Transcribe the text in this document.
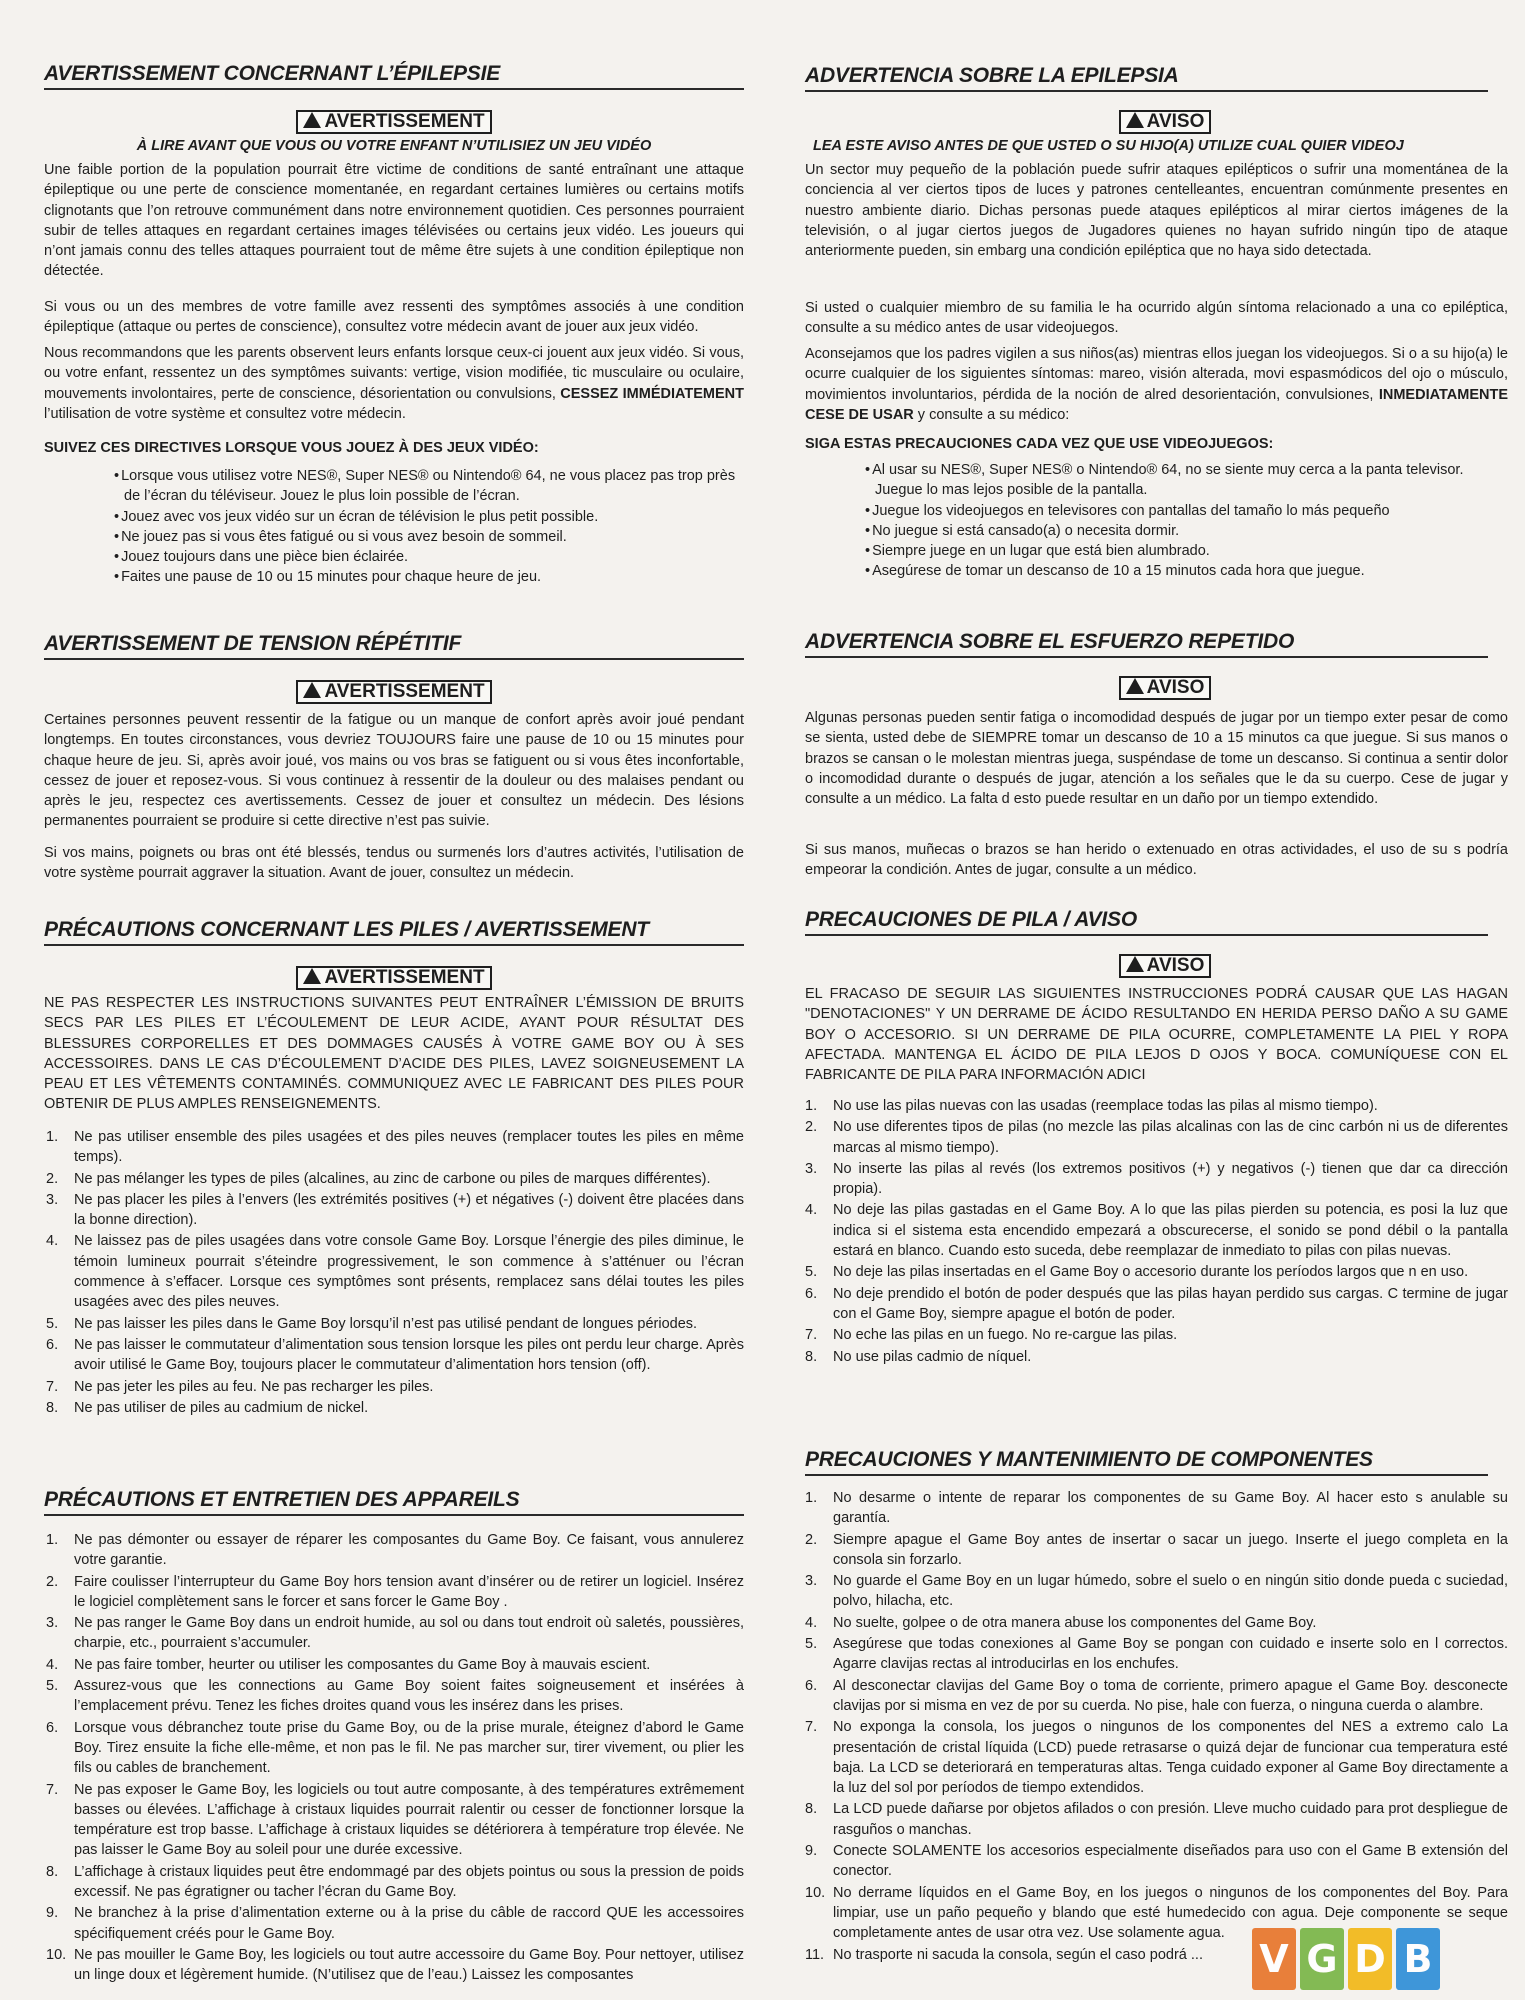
AVERTISSEMENT CONCERNANT L’ÉPILEPSIE
AVERTISSEMENT

À LIRE AVANT QUE VOUS OU VOTRE ENFANT N’UTILISIEZ UN JEU VIDÉO

Une faible portion de la population pourrait être victime de conditions de santé entraînant une attaque épileptique ou une perte de conscience momentanée, en regardant certaines lumières ou certains motifs clignotants que l’on retrouve communément dans notre environnement quotidien. Ces personnes pourraient subir de telles attaques en regardant certaines images télévisées ou certains jeux vidéo. Les joueurs qui n’ont jamais connu des telles attaques pourraient tout de même être sujets à une condition épileptique non détectée.

Si vous ou un des membres de votre famille avez ressenti des symptômes associés à une condition épileptique (attaque ou pertes de conscience), consultez votre médecin avant de jouer aux jeux vidéo.

Nous recommandons que les parents observent leurs enfants lorsque ceux-ci jouent aux jeux vidéo. Si vous, ou votre enfant, ressentez un des symptômes suivants: vertige, vision modifiée, tic musculaire ou oculaire, mouvements involontaires, perte de conscience, désorientation ou convulsions, CESSEZ IMMÉDIATEMENT l’utilisation de votre système et consultez votre médecin.

SUIVEZ CES DIRECTIVES LORSQUE VOUS JOUEZ À DES JEUX VIDÉO:

• Lorsque vous utilisez votre NES®, Super NES® ou Nintendo® 64, ne vous placez pas trop près de l’écran du téléviseur. Jouez le plus loin possible de l’écran.
• Jouez avec vos jeux vidéo sur un écran de télévision le plus petit possible.
• Ne jouez pas si vous êtes fatigué ou si vous avez besoin de sommeil.
• Jouez toujours dans une pièce bien éclairée.
• Faites une pause de 10 ou 15 minutes pour chaque heure de jeu.
AVERTISSEMENT DE TENSION RÉPÉTITIF
AVERTISSEMENT

Certaines personnes peuvent ressentir de la fatigue ou un manque de confort après avoir joué pendant longtemps. En toutes circonstances, vous devriez TOUJOURS faire une pause de 10 ou 15 minutes pour chaque heure de jeu. Si, après avoir joué, vos mains ou vos bras se fatiguent ou si vous êtes inconfortable, cessez de jouer et reposez-vous. Si vous continuez à ressentir de la douleur ou des malaises pendant ou après le jeu, respectez ces avertissements. Cessez de jouer et consultez un médecin. Des lésions permanentes pourraient se produire si cette directive n’est pas suivie.

Si vos mains, poignets ou bras ont été blessés, tendus ou surmenés lors d’autres activités, l’utilisation de votre système pourrait aggraver la situation. Avant de jouer, consultez un médecin.

PRÉCAUTIONS CONCERNANT LES PILES / AVERTISSEMENT
AVERTISSEMENT

NE PAS RESPECTER LES INSTRUCTIONS SUIVANTES PEUT ENTRAÎNER L’ÉMISSION DE BRUITS SECS PAR LES PILES ET L’ÉCOULEMENT DE LEUR ACIDE, AYANT POUR RÉSULTAT DES BLESSURES CORPORELLES ET DES DOMMAGES CAUSÉS À VOTRE GAME BOY OU À SES ACCESSOIRES. DANS LE CAS D’ÉCOULEMENT D’ACIDE DES PILES, LAVEZ SOIGNEUSEMENT LA PEAU ET LES VÊTEMENTS CONTAMINÉS. COMMUNIQUEZ AVEC LE FABRICANT DES PILES POUR OBTENIR DE PLUS AMPLES RENSEIGNEMENTS.

1. Ne pas utiliser ensemble des piles usagées et des piles neuves (remplacer toutes les piles en même temps).
2. Ne pas mélanger les types de piles (alcalines, au zinc de carbone ou piles de marques différentes).
3. Ne pas placer les piles à l’envers (les extrémités positives (+) et négatives (-) doivent être placées dans la bonne direction).
4. Ne laissez pas de piles usagées dans votre console Game Boy. Lorsque l’énergie des piles diminue, le témoin lumineux pourrait s’éteindre progressivement, le son commence à s’atténuer ou l’écran commence à s’effacer. Lorsque ces symptômes sont présents, remplacez sans délai toutes les piles usagées avec des piles neuves.
5. Ne pas laisser les piles dans le Game Boy lorsqu’il n’est pas utilisé pendant de longues périodes.
6. Ne pas laisser le commutateur d’alimentation sous tension lorsque les piles ont perdu leur charge. Après avoir utilisé le Game Boy, toujours placer le commutateur d’alimentation hors tension (off).
7. Ne pas jeter les piles au feu. Ne pas recharger les piles.
8. Ne pas utiliser de piles au cadmium de nickel.
PRÉCAUTIONS ET ENTRETIEN DES APPAREILS
1. Ne pas démonter ou essayer de réparer les composantes du Game Boy. Ce faisant, vous annulerez votre garantie.
2. Faire coulisser l’interrupteur du Game Boy hors tension avant d’insérer ou de retirer un logiciel. Insérez le logiciel complètement sans le forcer et sans forcer le Game Boy .
3. Ne pas ranger le Game Boy dans un endroit humide, au sol ou dans tout endroit où saletés, poussières, charpie, etc., pourraient s’accumuler.
4. Ne pas faire tomber, heurter ou utiliser les composantes du Game Boy à mauvais escient.
5. Assurez-vous que les connections au Game Boy soient faites soigneusement et insérées à l’emplacement prévu. Tenez les fiches droites quand vous les insérez dans les prises.
6. Lorsque vous débranchez toute prise du Game Boy, ou de la prise murale, éteignez d’abord le Game Boy. Tirez ensuite la fiche elle-même, et non pas le fil. Ne pas marcher sur, tirer vivement, ou plier les fils ou cables de branchement.
7. Ne pas exposer le Game Boy, les logiciels ou tout autre composante, à des températures extrêmement basses ou élevées. L’affichage à cristaux liquides pourrait ralentir ou cesser de fonctionner lorsque la température est trop basse. L’affichage à cristaux liquides se détériorera à température trop élevée. Ne pas laisser le Game Boy au soleil pour une durée excessive.
8. L’affichage à cristaux liquides peut être endommagé par des objets pointus ou sous la pression de poids excessif. Ne pas égratigner ou tacher l’écran du Game Boy.
9. Ne branchez à la prise d’alimentation externe ou à la prise du câble de raccord QUE les accessoires spécifiquement créés pour le Game Boy.
10. Ne pas mouiller le Game Boy, les logiciels ou tout autre accessoire du Game Boy. Pour nettoyer, utilisez un linge doux et légèrement humide. (N’utilisez que de l’eau.) Laissez les composantes
ADVERTENCIA SOBRE LA EPILEPSIA
AVISO

LEA ESTE AVISO ANTES DE QUE USTED O SU HIJO(A) UTILIZE CUAL QUIER VIDEOJ

Un sector muy pequeño de la población puede sufrir ataques epilépticos o sufrir una momentánea de la conciencia al ver ciertos tipos de luces y patrones centelleantes, encuentran comúnmente presentes en nuestro ambiente diario. Dichas personas puede ataques epilépticos al mirar ciertos imágenes de la televisión, o al jugar ciertos juegos de Jugadores quienes no hayan sufrido ningún tipo de ataque anteriormente pueden, sin embarg una condición epiléptica que no haya sido detectada.

Si usted o cualquier miembro de su familia le ha ocurrido algún síntoma relacionado a una co epiléptica, consulte a su médico antes de usar videojuegos.

Aconsejamos que los padres vigilen a sus niños(as) mientras ellos juegan los videojuegos. Si o a su hijo(a) le ocurre cualquier de los siguientes síntomas: mareo, visión alterada, movi espasmódicos del ojo o músculo, movimientos involuntarios, pérdida de la noción de alred desorientación, convulsiones, INMEDIATAMENTE CESE DE USAR y consulte a su médico:

SIGA ESTAS PRECAUCIONES CADA VEZ QUE USE VIDEOJUEGOS:

• Al usar su NES®, Super NES® o Nintendo® 64, no se siente muy cerca a la panta televisor. Juegue lo mas lejos posible de la pantalla.
• Juegue los videojuegos en televisores con pantallas del tamaño lo más pequeño
• No juegue si está cansado(a) o necesita dormir.
• Siempre juege en un lugar que está bien alumbrado.
• Asegúrese de tomar un descanso de 10 a 15 minutos cada hora que juegue.
ADVERTENCIA SOBRE EL ESFUERZO REPETIDO
AVISO

Algunas personas pueden sentir fatiga o incomodidad después de jugar por un tiempo exter pesar de como se sienta, usted debe de SIEMPRE tomar un descanso de 10 a 15 minutos ca que juegue. Si sus manos o brazos se cansan o le molestan mientras juega, suspéndase de tome un descanso. Si continua a sentir dolor o incomodidad durante o después de jugar, atención a los señales que le da su cuerpo. Cese de jugar y consulte a un médico. La falta d esto puede resultar en un daño por un tiempo extendido.

Si sus manos, muñecas o brazos se han herido o extenuado en otras actividades, el uso de su s podría empeorar la condición. Antes de jugar, consulte a un médico.

PRECAUCIONES DE PILA / AVISO
AVISO

EL FRACASO DE SEGUIR LAS SIGUIENTES INSTRUCCIONES PODRÁ CAUSAR QUE LAS HAGAN "DENOTACIONES" Y UN DERRAME DE ÁCIDO RESULTANDO EN HERIDA PERSO DAÑO A SU GAME BOY O ACCESORIO. SI UN DERRAME DE PILA OCURRE, COMPLETAMENTE LA PIEL Y ROPA AFECTADA. MANTENGA EL ÁCIDO DE PILA LEJOS D OJOS Y BOCA. COMUNÍQUESE CON EL FABRICANTE DE PILA PARA INFORMACIÓN ADICI

1. No use las pilas nuevas con las usadas (reemplace todas las pilas al mismo tiempo).
2. No use diferentes tipos de pilas (no mezcle las pilas alcalinas con las de cinc carbón ni us de diferentes marcas al mismo tiempo).
3. No inserte las pilas al revés (los extremos positivos (+) y negativos (-) tienen que dar ca dirección propia).
4. No deje las pilas gastadas en el Game Boy. A lo que las pilas pierden su potencia, es posi la luz que indica si el sistema esta encendido empezará a obscurecerse, el sonido se pond débil o la pantalla estará en blanco. Cuando esto suceda, debe reemplazar de inmediato to pilas con pilas nuevas.
5. No deje las pilas insertadas en el Game Boy o accesorio durante los períodos largos que n en uso.
6. No deje prendido el botón de poder después que las pilas hayan perdido sus cargas. C termine de jugar con el Game Boy, siempre apague el botón de poder.
7. No eche las pilas en un fuego. No re-cargue las pilas.
8. No use pilas cadmio de níquel.
PRECAUCIONES Y MANTENIMIENTO DE COMPONENTES
1. No desarme o intente de reparar los componentes de su Game Boy. Al hacer esto s anulable su garantía.
2. Siempre apague el Game Boy antes de insertar o sacar un juego. Inserte el juego completa en la consola sin forzarlo.
3. No guarde el Game Boy en un lugar húmedo, sobre el suelo o en ningún sitio donde pueda c suciedad, polvo, hilacha, etc.
4. No suelte, golpee o de otra manera abuse los componentes del Game Boy.
5. Asegúrese que todas conexiones al Game Boy se pongan con cuidado e inserte solo en l correctos. Agarre clavijas rectas al introducirlas en los enchufes.
6. Al desconectar clavijas del Game Boy o toma de corriente, primero apague el Game Boy. desconecte clavijas por si misma en vez de por su cuerda. No pise, hale con fuerza, o ninguna cuerda o alambre.
7. No exponga la consola, los juegos o ningunos de los componentes del NES a extremo calo La presentación de cristal líquida (LCD) puede retrasarse o quizá dejar de funcionar cua temperatura esté baja. La LCD se deteriorará en temperaturas altas. Tenga cuidado exponer al Game Boy directamente a la luz del sol por períodos de tiempo extendidos.
8. La LCD puede dañarse por objetos afilados o con presión. Lleve mucho cuidado para prot despliegue de rasguños o manchas.
9. Conecte SOLAMENTE los accesorios especialmente diseñados para uso con el Game B extensión del conector.
10. No derrame líquidos en el Game Boy, en los juegos o ningunos de los componentes del Boy. Para limpiar, use un paño pequeño y blando que esté humedecido con agua. Deje componente se seque completamente antes de usar otra vez. Use solamente agua.
11. No trasporte ni sacuda la consola, según el caso podrá ...	V G D B
